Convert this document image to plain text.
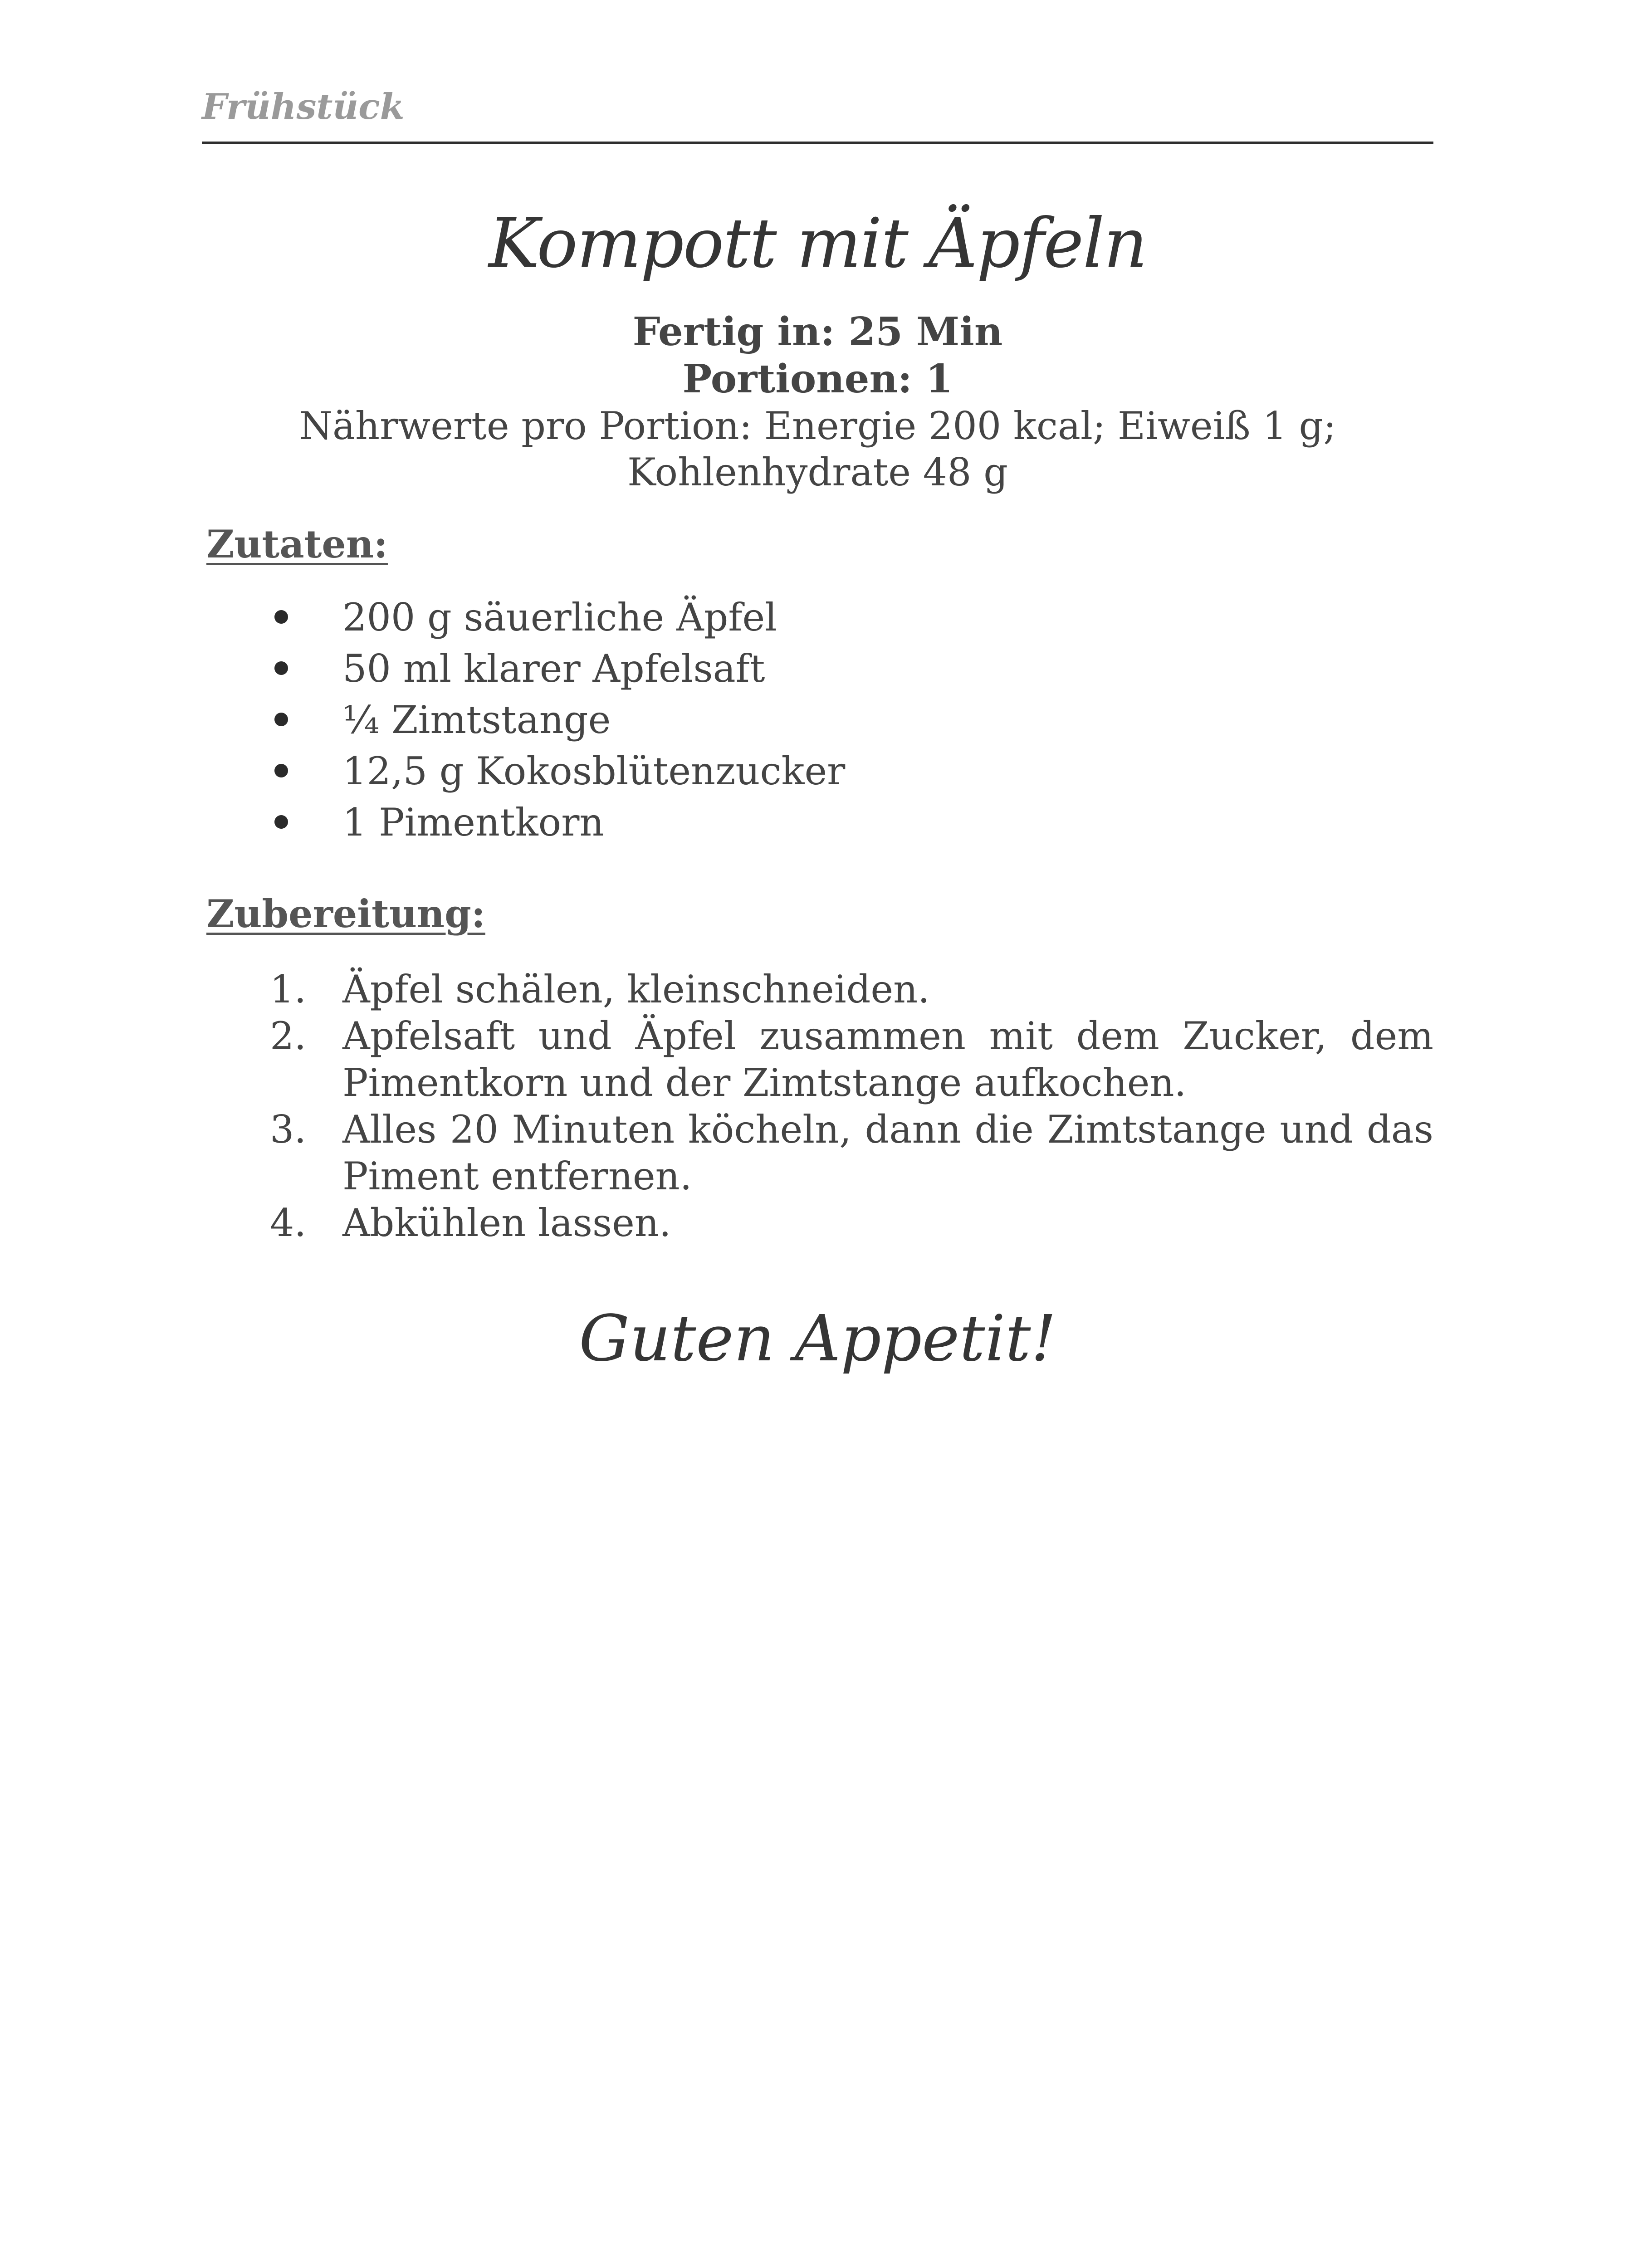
Frühstück
Kompott mit Äpfeln
Fertig in: 25 Min
Portionen: 1
Nährwerte pro Portion: Energie 200 kcal; Eiweiß 1 g;
Kohlenhydrate 48 g
Zutaten:
200 g säuerliche Äpfel
50 ml klarer Apfelsaft
¼ Zimtstange
12,5 g Kokosblütenzucker
1 Pimentkorn
Zubereitung:
1. Äpfel schälen, kleinschneiden.
2. Apfelsaft und Äpfel zusammen mit dem Zucker, dem Pimentkorn und der Zimtstange aufkochen.
3. Alles 20 Minuten köcheln, dann die Zimtstange und das Piment entfernen.
4. Abkühlen lassen.
Guten Appetit!
